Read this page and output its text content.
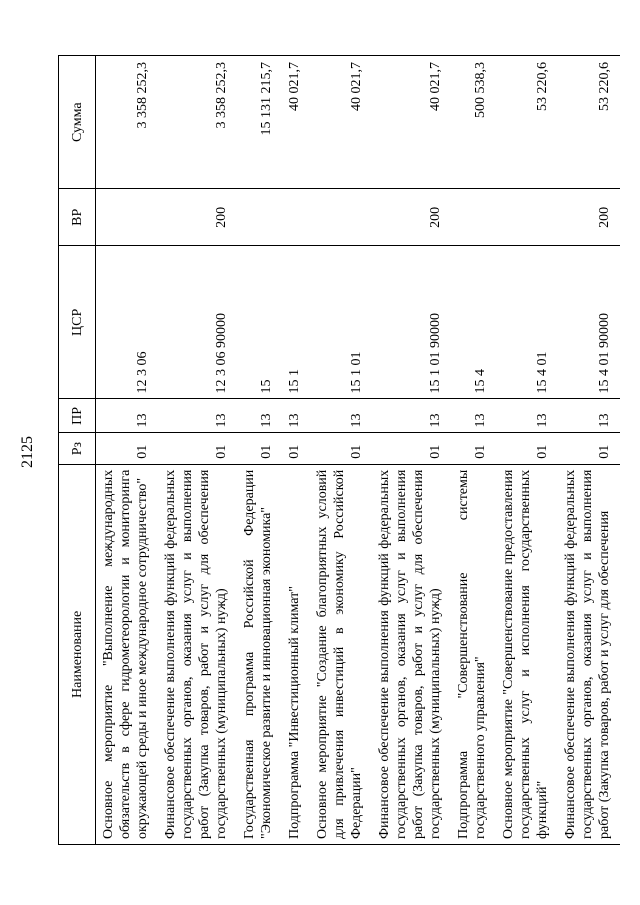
2125
Наименование	Рз	ПР	ЦСР	ВР	Сумма
Основное мероприятие "Выполнение международных обязательств в сфере гидрометеорологии и мониторинга окружающей среды и иное международное сотрудничество"	01	13	12 3 06		3 358 252,3
Финансовое обеспечение выполнения функций федеральных государственных органов, оказания услуг и выполнения работ (Закупка товаров, работ и услуг для обеспечения государственных (муниципальных) нужд)	01	13	12 3 06 90000	200	3 358 252,3
Государственная программа Российской Федерации "Экономическое развитие и инновационная экономика"	01	13	15		15 131 215,7
Подпрограмма "Инвестиционный климат"	01	13	15 1		40 021,7
Основное мероприятие "Создание благоприятных условий для привлечения инвестиций в экономику Российской Федерации"	01	13	15 1 01		40 021,7
Финансовое обеспечение выполнения функций федеральных государственных органов, оказания услуг и выполнения работ (Закупка товаров, работ и услуг для обеспечения государственных (муниципальных) нужд)	01	13	15 1 01 90000	200	40 021,7
Подпрограмма "Совершенствование системы государственного управления"	01	13	15 4		500 538,3
Основное мероприятие "Совершенствование предоставления государственных услуг и исполнения государственных функций"	01	13	15 4 01		53 220,6
Финансовое обеспечение выполнения функций федеральных государственных органов, оказания услуг и выполнения работ (Закупка товаров, работ и услуг для обеспечения	01	13	15 4 01 90000	200	53 220,6
